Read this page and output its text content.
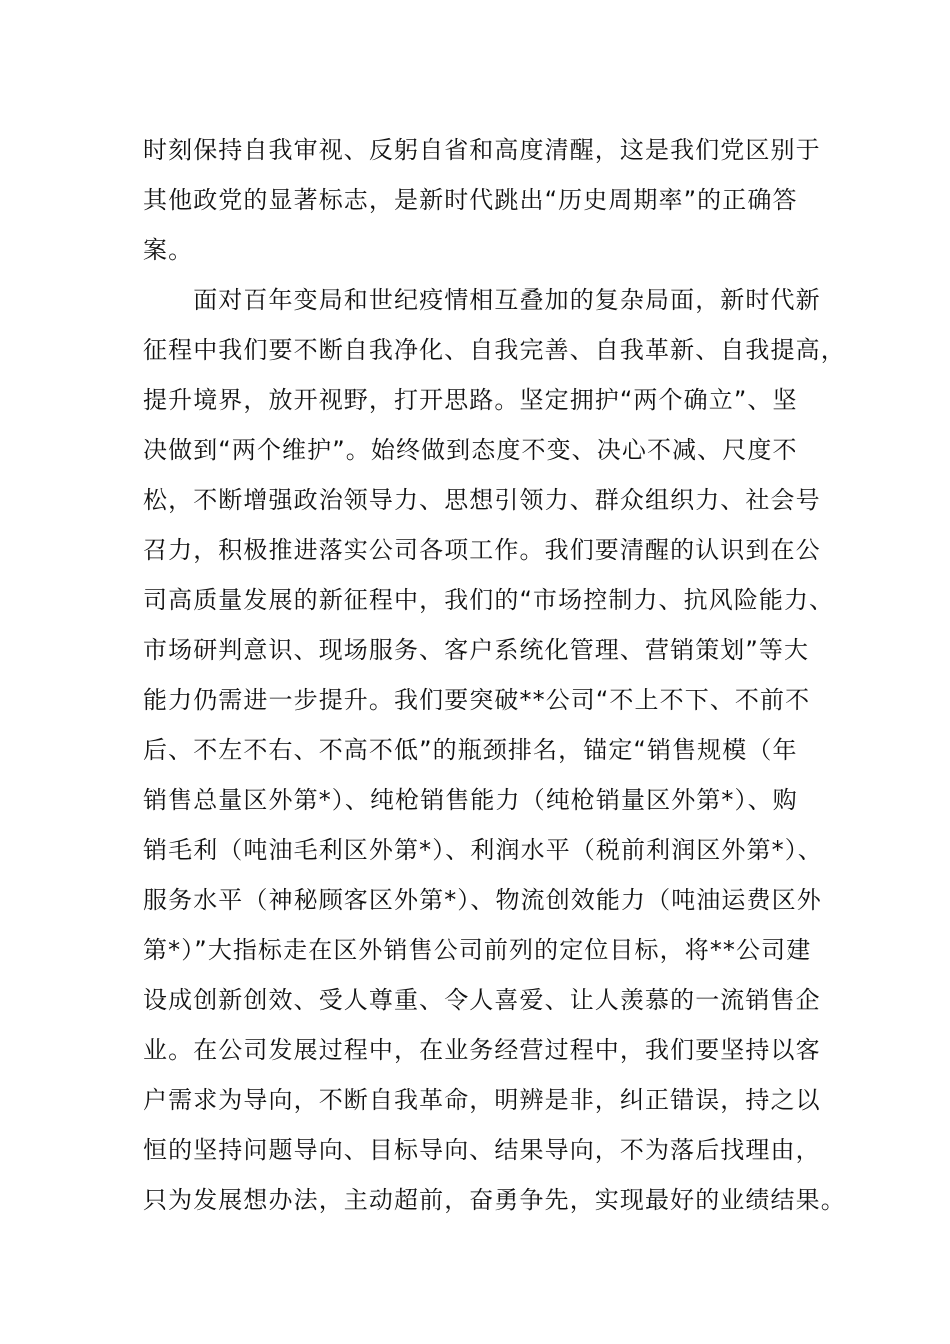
时刻保持自我审视、反躬自省和高度清醒，这是我们党区别于
其他政党的显著标志，是新时代跳出“历史周期率”的正确答
案。
　　面对百年变局和世纪疫情相互叠加的复杂局面，新时代新
征程中我们要不断自我净化、自我完善、自我革新、自我提高，
提升境界，放开视野，打开思路。坚定拥护“两个确立”、坚
决做到“两个维护”。始终做到态度不变、决心不减、尺度不
松，不断增强政治领导力、思想引领力、群众组织力、社会号
召力，积极推进落实公司各项工作。我们要清醒的认识到在公
司高质量发展的新征程中，我们的“市场控制力、抗风险能力、
市场研判意识、现场服务、客户系统化管理、营销策划”等大
能力仍需进一步提升。我们要突破**公司“不上不下、不前不
后、不左不右、不高不低”的瓶颈排名，锚定“销售规模（年
销售总量区外第*）、纯枪销售能力（纯枪销量区外第*）、购
销毛利（吨油毛利区外第*）、利润水平（税前利润区外第*）、
服务水平（神秘顾客区外第*）、物流创效能力（吨油运费区外
第*）”大指标走在区外销售公司前列的定位目标，将**公司建
设成创新创效、受人尊重、令人喜爱、让人羡慕的一流销售企
业。在公司发展过程中，在业务经营过程中，我们要坚持以客
户需求为导向，不断自我革命，明辨是非，纠正错误，持之以
恒的坚持问题导向、目标导向、结果导向，不为落后找理由，
只为发展想办法，主动超前，奋勇争先，实现最好的业绩结果。
